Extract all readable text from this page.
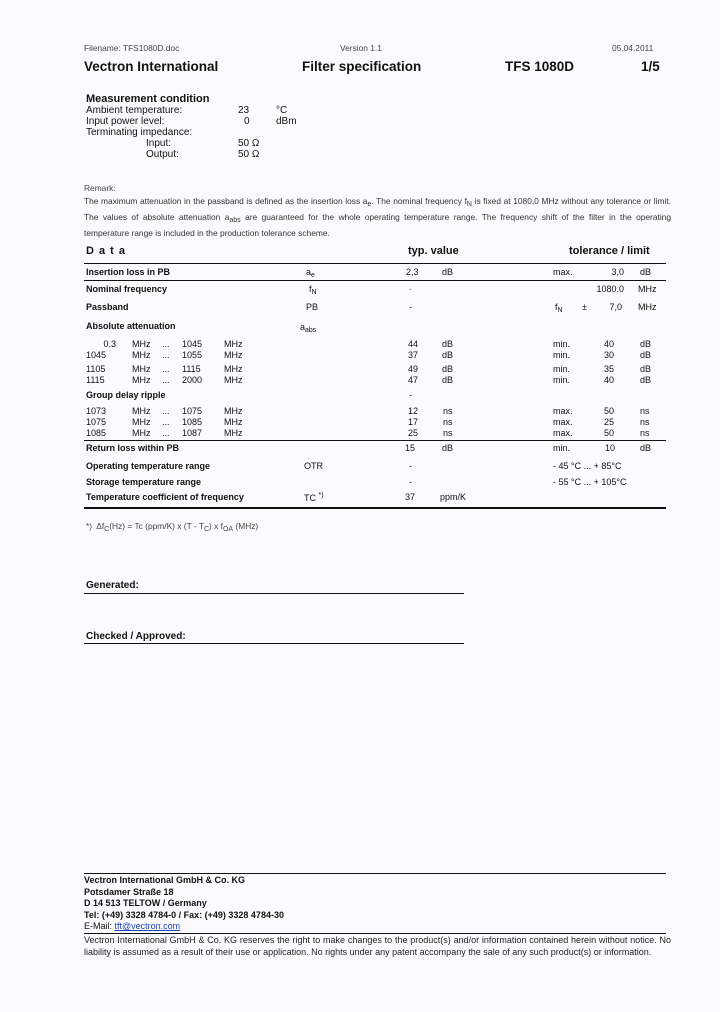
Filename: TFS1080D.doc	Version 1.1	05.04.2011
Vectron International	Filter specification	TFS 1080D	1/5
Measurement condition
Ambient temperature:	23	°C
Input power level:	0	dBm
Terminating impedance:
Input:	50 Ω
Output:	50 Ω
Remark:
The maximum attenuation in the passband is defined as the insertion loss $a_e$. The nominal frequency $f_N$ is fixed at 1080,0 MHz without any tolerance or limit. The values of absolute attenuation $a_{abs}$ are guaranteed for the whole operating temperature range. The frequency shift of the filter in the operating temperature range is included in the production tolerance scheme.
D a t a	typ. value	tolerance / limit
Insertion loss in PB	$a_e$	2,3	dB	max.	3,0 dB
Nominal frequency	$f_N$	-	1080.0 MHz
Passband	PB	-	$f_N$ ±	7,0 MHz
Absolute attenuation	$a_{abs}$
0.3 MHz ... 1045 MHz	44	dB	min.	40	dB
1045	MHz ... 1055 MHz	37	dB	min.	30	dB
1105	MHz ... 1115	MHz	49	dB	min.	35	dB
1115	MHz ... 2000 MHz	47	dB	min.	40	dB
Group delay ripple	-
1073	MHz ... 1075 MHz	12	ns	max.	50	ns
1075	MHz ... 1085 MHz	17	ns	max.	25	ns
1085	MHz ... 1087 MHz	25	ns	max.	50	ns
Return loss within PB	15	dB	min.	10	dB
Operating temperature range	OTR	-	- 45 °C ... + 85°C
Storage temperature range	-	- 55 °C ... + 105°C
Temperature coefficient of frequency	TC *)	37	ppm/K
*) $\Delta f_C(Hz) = Tc$ (ppm/K) x $(T - T_C)$ x $f_{OA}$ (MHz)
Generated:
Checked / Approved:
Vectron International GmbH & Co. KG
Potsdamer Straße 18
D 14 513 TELTOW / Germany
Tel: (+49) 3328 4784-0 / Fax: (+49) 3328 4784-30
E-Mail: tft@vectron.com
Vectron International GmbH & Co. KG reserves the right to make changes to the product(s) and/or information contained herein without notice. No liability is assumed as a result of their use or application. No rights under any patent accompany the sale of any such product(s) or information.
